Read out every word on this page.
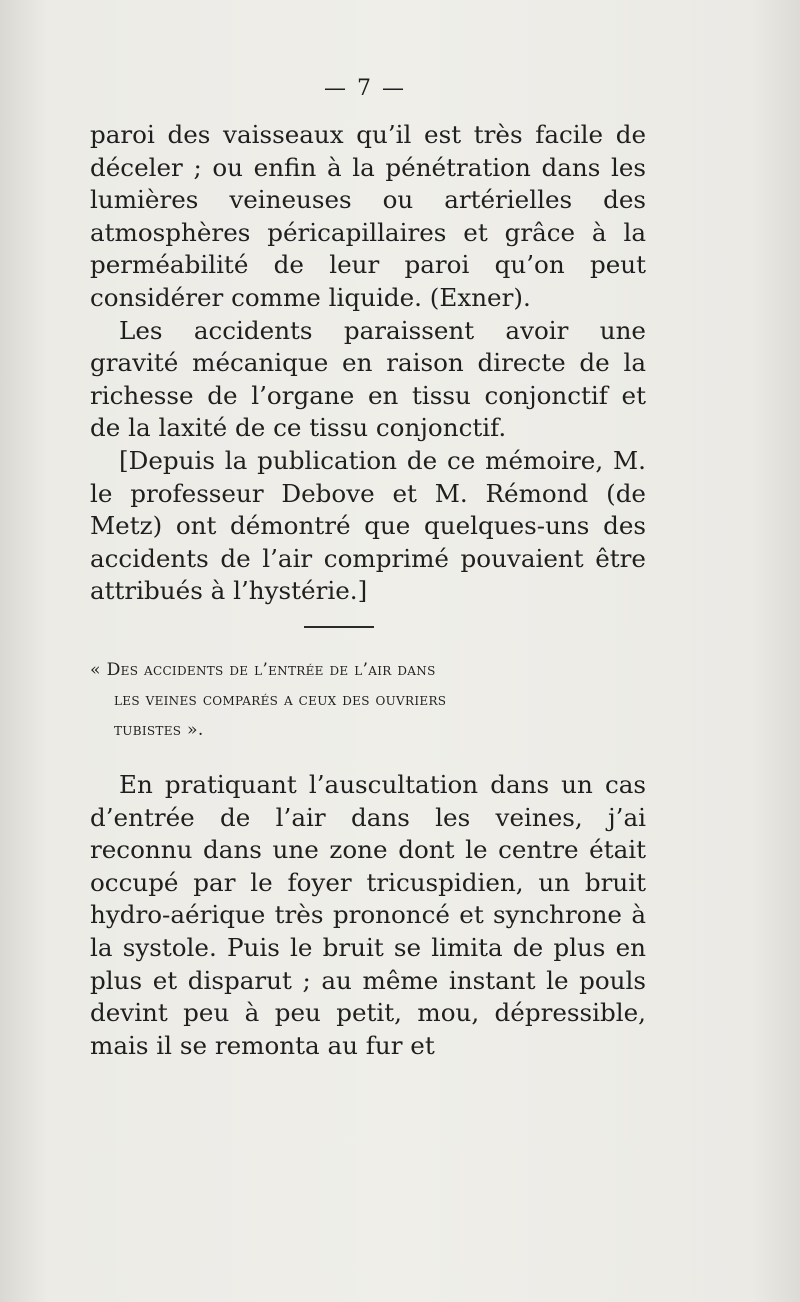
— 7 —

paroi des vaisseaux qu’il est très facile de déceler ; ou enfin à la pénétration dans les lumières veineuses ou artérielles des atmosphères péricapillaires et grâce à la perméabilité de leur paroi qu’on peut considérer comme liquide. (Exner).

Les accidents paraissent avoir une gravité mécanique en raison directe de la richesse de l’organe en tissu conjonctif et de la laxité de ce tissu conjonctif.

[Depuis la publication de ce mémoire, M. le professeur Debove et M. Rémond (de Metz) ont démontré que quelques-uns des accidents de l’air comprimé pouvaient être attribués à l’hystérie.]

« Des accidents de l’entrée de l’air dans
les veines comparés a ceux des ouvriers
tubistes ».

En pratiquant l’auscultation dans un cas d’entrée de l’air dans les veines, j’ai reconnu dans une zone dont le centre était occupé par le foyer tricuspidien, un bruit hydro-aérique très prononcé et synchrone à la systole. Puis le bruit se limita de plus en plus et disparut ; au même instant le pouls devint peu à peu petit, mou, dépressible, mais il se remonta au fur et
